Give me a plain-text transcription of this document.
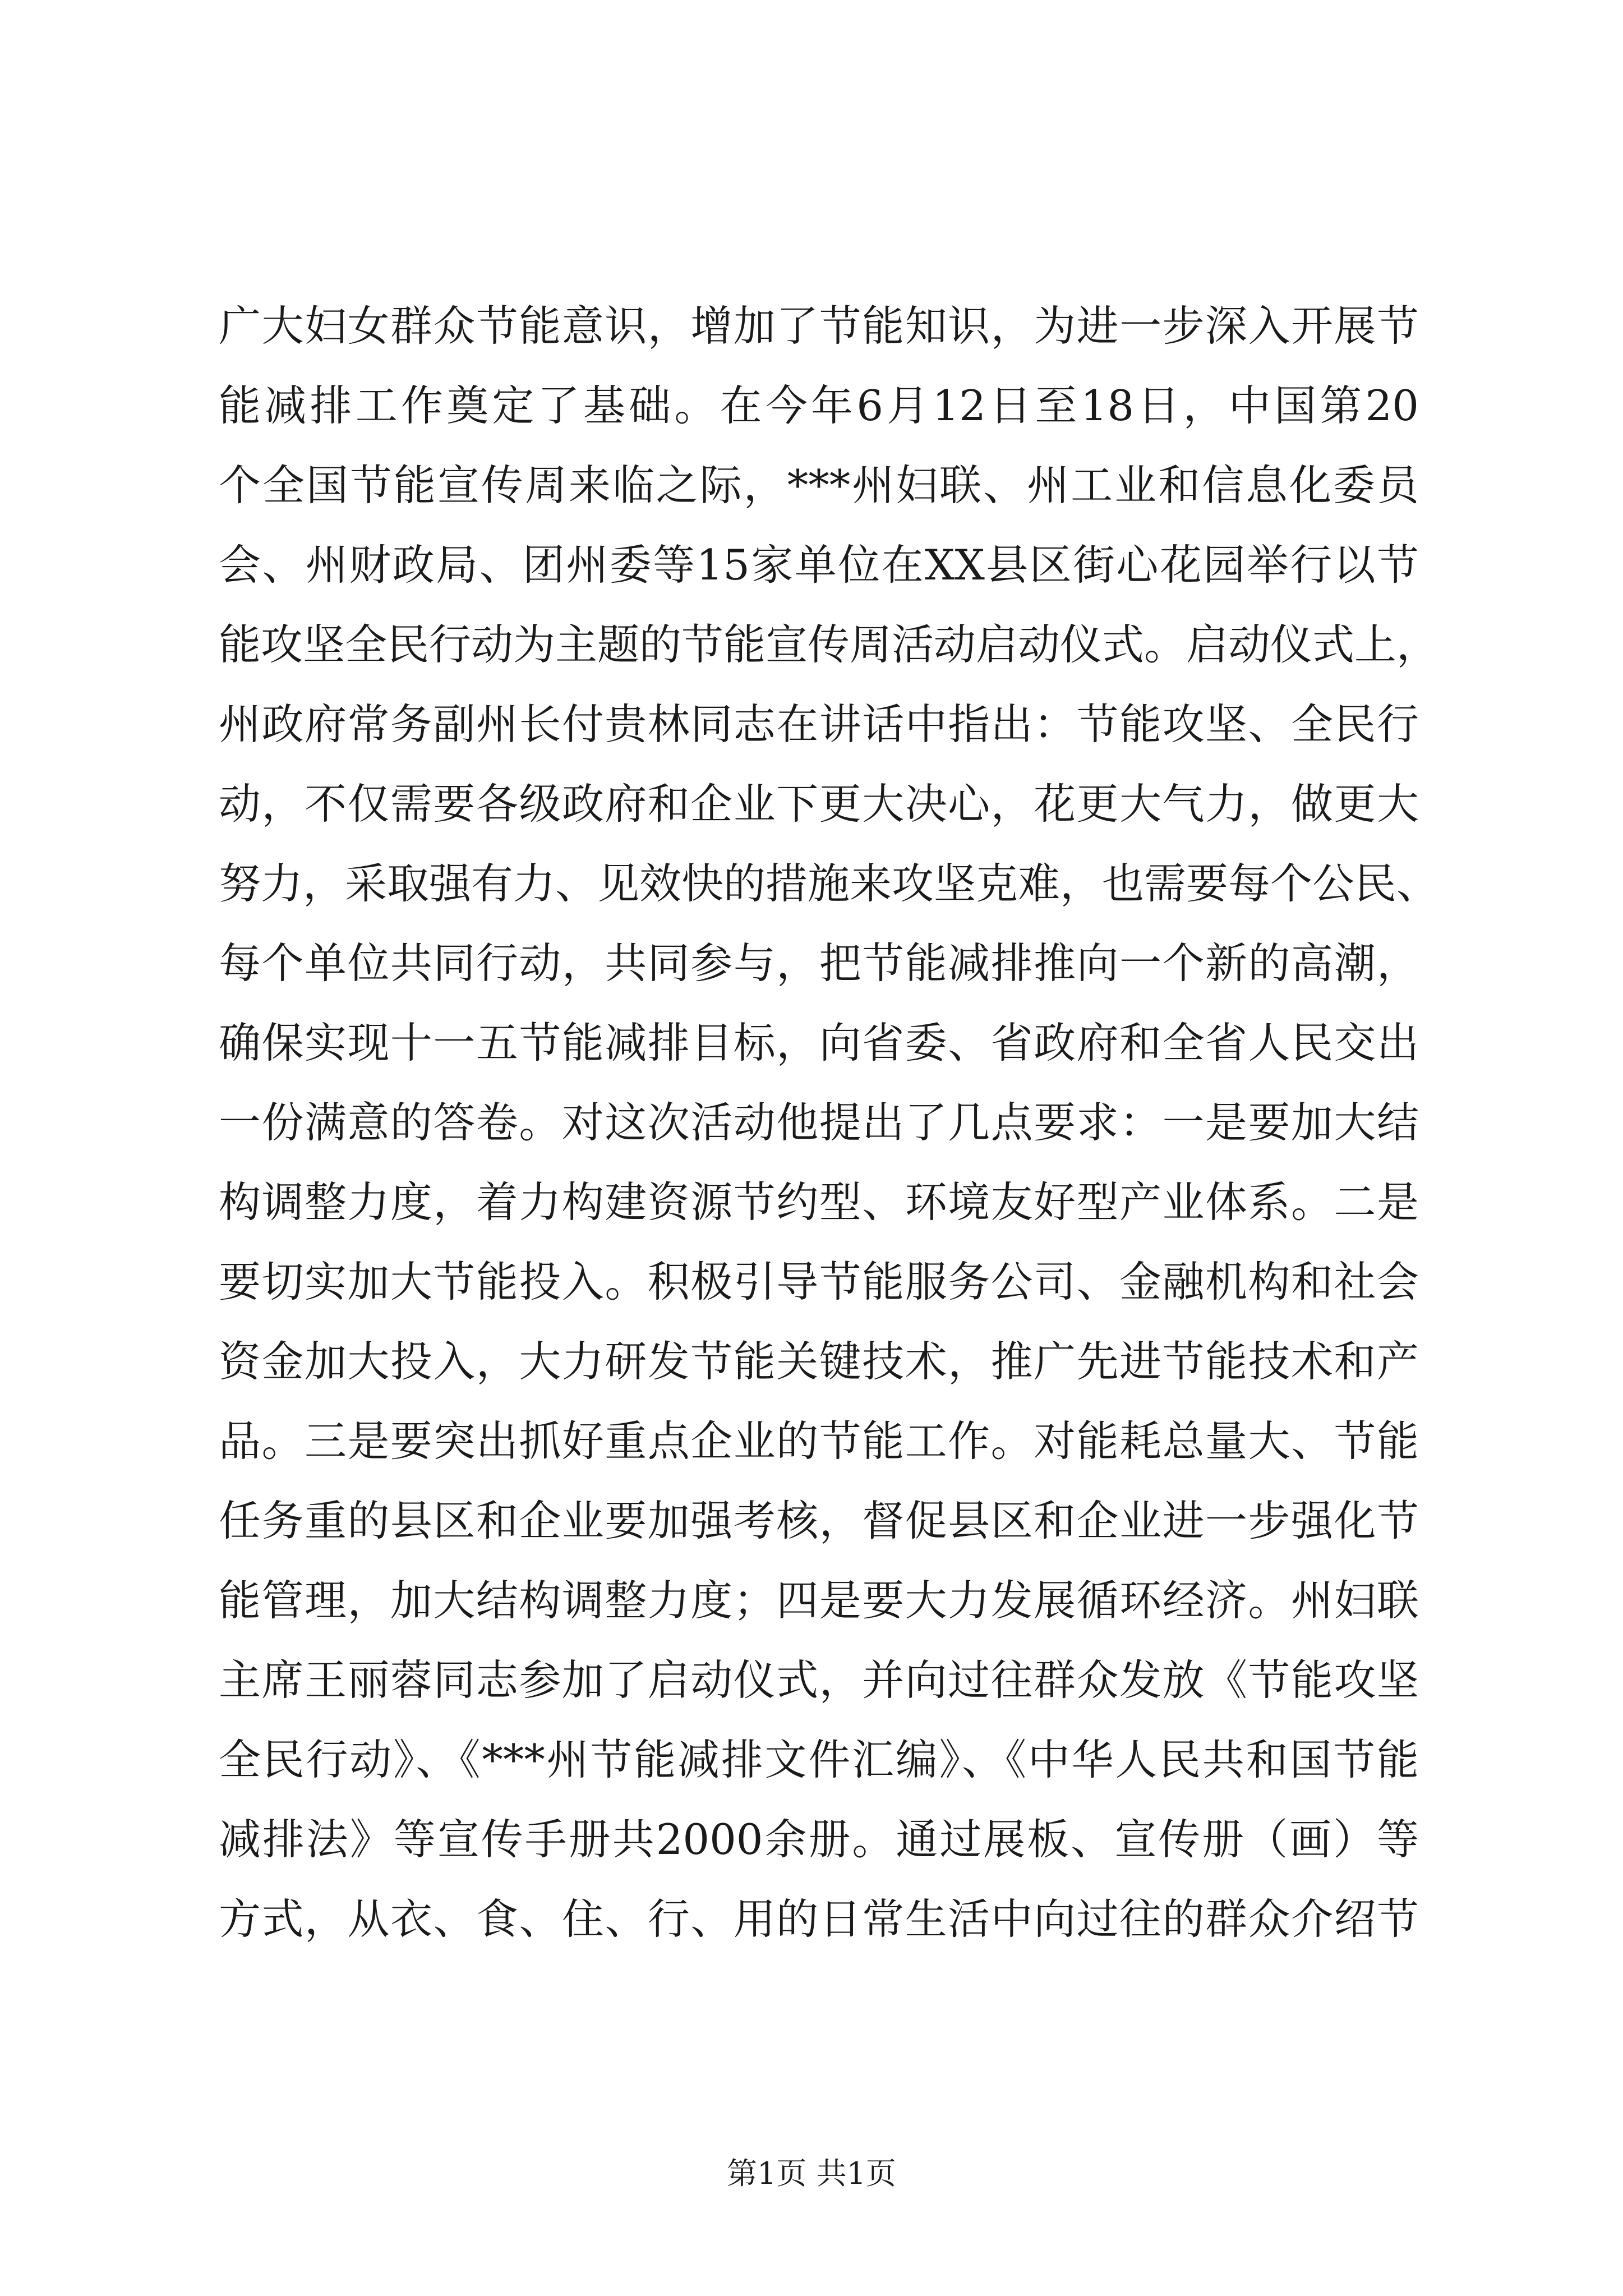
广大妇女群众节能意识，增加了节能知识，为进一步深入开展节
能减排工作奠定了基础。在今年6月12日至18日，中国第20
个全国节能宣传周来临之际，***州妇联、州工业和信息化委员
会、州财政局、团州委等15家单位在XX县区街心花园举行以节
能攻坚全民行动为主题的节能宣传周活动启动仪式。启动仪式上，
州政府常务副州长付贵林同志在讲话中指出：节能攻坚、全民行
动，不仅需要各级政府和企业下更大决心，花更大气力，做更大
努力，采取强有力、见效快的措施来攻坚克难，也需要每个公民、
每个单位共同行动，共同参与，把节能减排推向一个新的高潮，
确保实现十一五节能减排目标，向省委、省政府和全省人民交出
一份满意的答卷。对这次活动他提出了几点要求：一是要加大结
构调整力度，着力构建资源节约型、环境友好型产业体系。二是
要切实加大节能投入。积极引导节能服务公司、金融机构和社会
资金加大投入，大力研发节能关键技术，推广先进节能技术和产
品。三是要突出抓好重点企业的节能工作。对能耗总量大、节能
任务重的县区和企业要加强考核，督促县区和企业进一步强化节
能管理，加大结构调整力度；四是要大力发展循环经济。州妇联
主席王丽蓉同志参加了启动仪式，并向过往群众发放《节能攻坚
全民行动》、《***州节能减排文件汇编》、《中华人民共和国节能
减排法》等宣传手册共2000余册。通过展板、宣传册（画）等
方式，从衣、食、住、行、用的日常生活中向过往的群众介绍节
第1页 共1页
